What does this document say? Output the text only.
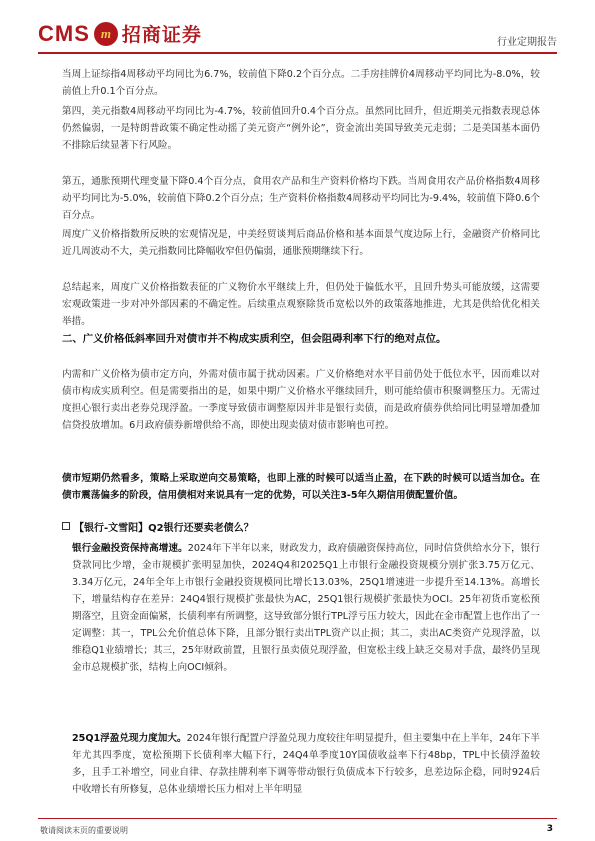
CMS m 招商证券	行业定期报告

当周上证综指4周移动平均同比为6.7%，较前值下降0.2个百分点。二手房挂牌价4周移动平均同比为-8.0%，较前值上升0.1个百分点。

第四，美元指数4周移动平均同比为-4.7%，较前值回升0.4个百分点。虽然同比回升，但近期美元指数表现总体仍然偏弱，一是特朗普政策不确定性动摇了美元资产“例外论”，资金流出美国导致美元走弱；二是美国基本面仍不排除后续显著下行风险。

第五，通胀预期代理变量下降0.4个百分点，食用农产品和生产资料价格均下跌。当周食用农产品价格指数4周移动平均同比为-5.0%，较前值下降0.2个百分点；生产资料价格指数4周移动平均同比为-9.4%，较前值下降0.6个百分点。

周度广义价格指数所反映的宏观情况是，中美经贸谈判后商品价格和基本面景气度边际上行，金融资产价格同比近几周波动不大，美元指数同比降幅收窄但仍偏弱，通胀预期继续下行。

总结起来，周度广义价格指数表征的广义物价水平继续上升，但仍处于偏低水平，且回升势头可能放缓，这需要宏观政策进一步对冲外部因素的不确定性。后续重点观察除货币宽松以外的政策落地推进，尤其是供给优化相关举措。

二、广义价格低斜率回升对债市并不构成实质利空，但会阻碍利率下行的绝对点位。

内需和广义价格为债市定方向，外需对债市属于扰动因素。广义价格绝对水平目前仍处于低位水平，因而难以对债市构成实质利空。但是需要指出的是，如果中期广义价格水平继续回升，则可能给债市积聚调整压力。无需过度担心银行卖出老券兑现浮盈。一季度导致债市调整原因并非是银行卖债，而是政府债券供给同比明显增加叠加信贷投放增加。6月政府债券新增供给不高，即使出现卖债对债市影响也可控。

债市短期仍然看多，策略上采取逆向交易策略，也即上涨的时候可以适当止盈，在下跌的时候可以适当加仓。在债市震荡偏多的阶段，信用债相对来说具有一定的优势，可以关注3-5年久期信用债配置价值。

【银行-文雪阳】Q2银行还要卖老债么？

银行金融投资保持高增速。2024年下半年以来，财政发力，政府债融资保持高位，同时信贷供给水分下，银行贷款同比少增，金市规模扩张明显加快，2024Q4和2025Q1上市银行金融投资规模分别扩张3.75万亿元、3.34万亿元，24年全年上市银行金融投资规模同比增长13.03%，25Q1增速进一步提升至14.13%。高增长下，增量结构存在差异：24Q4银行规模扩张最快为AC，25Q1银行规模扩张最快为OCI。25年初货币宽松预期落空，且资金面偏紧，长债利率有所调整，这导致部分银行TPL浮亏压力较大，因此在金市配置上也作出了一定调整：其一，TPL公允价值总体下降，且部分银行卖出TPL资产以止损；其二，卖出AC类资产兑现浮盈，以维稳Q1业绩增长；其三，25年财政前置，且银行虽卖债兑现浮盈，但宽松主线上缺乏交易对手盘，最终仍呈现金市总规模扩张，结构上向OCI倾斜。

25Q1浮盈兑现力度加大。2024年银行配置户浮盈兑现力度较往年明显提升，但主要集中在上半年，24年下半年尤其四季度，宽松预期下长债利率大幅下行，24Q4单季度10Y国债收益率下行48bp，TPL中长债浮盈较多，且手工补增空，同业自律、存款挂牌利率下调等带动银行负债成本下行较多，息差边际企稳，同时924后中收增长有所修复，总体业绩增长压力相对上半年明显

敬请阅读末页的重要说明	3
